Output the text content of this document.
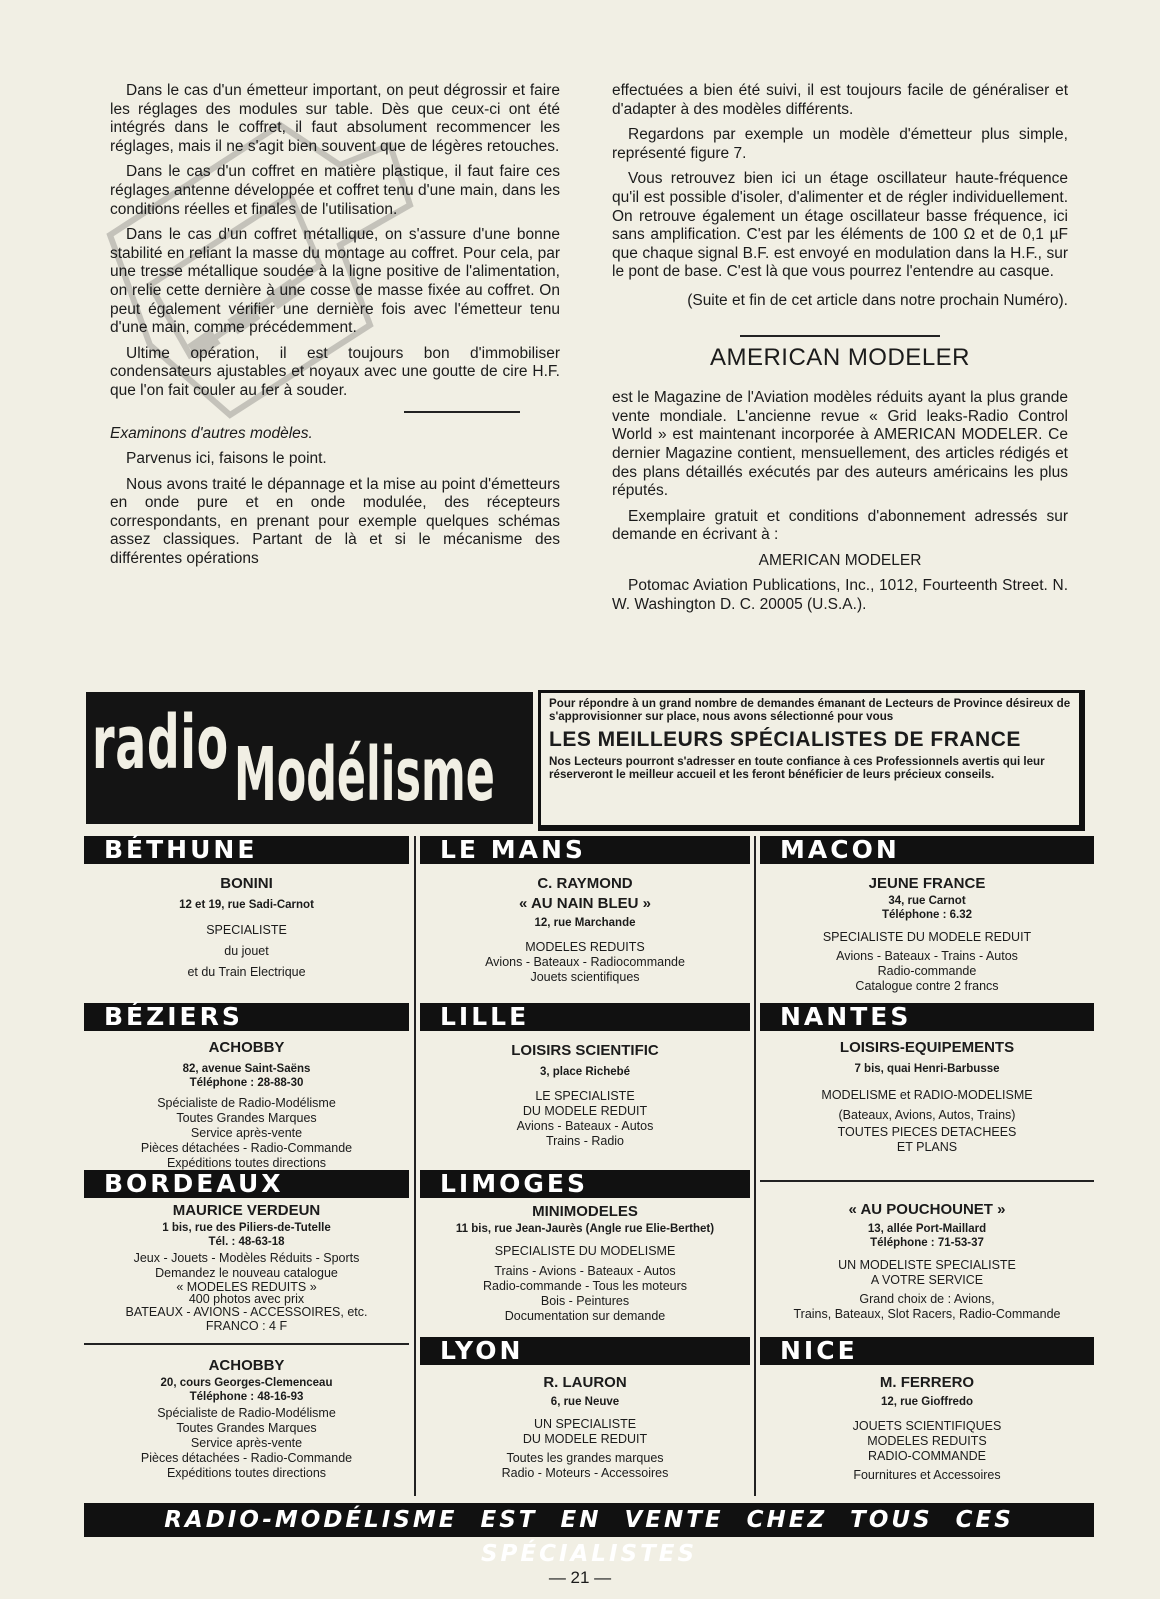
Dans le cas d'un émetteur important, on peut dégrossir et faire les réglages des modules sur table. Dès que ceux-ci ont été intégrés dans le coffret, il faut absolument recommencer les réglages, mais il ne s'agit bien souvent que de légères retouches.

Dans le cas d'un coffret en matière plastique, il faut faire ces réglages antenne développée et coffret tenu d'une main, dans les conditions réelles et finales de l'utilisation.

Dans le cas d'un coffret métallique, on s'assure d'une bonne stabilité en reliant la masse du montage au coffret. Pour cela, par une tresse métallique soudée à la ligne positive de l'alimentation, on relie cette dernière à une cosse de masse fixée au coffret. On peut également vérifier une dernière fois avec l'émetteur tenu d'une main, comme précédemment.

Ultime opération, il est toujours bon d'immobiliser condensateurs ajustables et noyaux avec une goutte de cire H.F. que l'on fait couler au fer à souder.

Examinons d'autres modèles.

Parvenus ici, faisons le point.

Nous avons traité le dépannage et la mise au point d'émetteurs en onde pure et en onde modulée, des récepteurs correspondants, en prenant pour exemple quelques schémas assez classiques. Partant de là et si le mécanisme des différentes opérations

effectuées a bien été suivi, il est toujours facile de généraliser et d'adapter à des modèles différents.

Regardons par exemple un modèle d'émetteur plus simple, représenté figure 7.

Vous retrouvez bien ici un étage oscillateur haute-fréquence qu'il est possible d'isoler, d'alimenter et de régler individuellement. On retrouve également un étage oscillateur basse fréquence, ici sans amplification. C'est par les éléments de 100 Ω et de 0,1 µF que chaque signal B.F. est envoyé en modulation dans la H.F., sur le pont de base. C'est là que vous pourrez l'entendre au casque.

(Suite et fin de cet article dans notre prochain Numéro).

AMERICAN MODELER

est le Magazine de l'Aviation modèles réduits ayant la plus grande vente mondiale. L'ancienne revue « Grid leaks-Radio Control World » est maintenant incorporée à AMERICAN MODELER. Ce dernier Magazine contient, mensuellement, des articles rédigés et des plans détaillés exécutés par des auteurs américains les plus réputés.

Exemplaire gratuit et conditions d'abonnement adressés sur demande en écrivant à :

AMERICAN MODELER

Potomac Aviation Publications, Inc., 1012, Fourteenth Street. N. W. Washington D. C. 20005 (U.S.A.).

radio Modélisme

Pour répondre à un grand nombre de demandes émanant de Lecteurs de Province désireux de s'approvisionner sur place, nous avons sélectionné pour vous

LES MEILLEURS SPÉCIALISTES DE FRANCE

Nos Lecteurs pourront s'adresser en toute confiance à ces Professionnels avertis qui leur réserveront le meilleur accueil et les feront bénéficier de leurs précieux conseils.

BÉTHUNE
BONINI
12 et 19, rue Sadi-Carnot
SPECIALISTE
du jouet
et du Train Electrique
BÉZIERS
ACHOBBY
82, avenue Saint-Saëns
Téléphone : 28-88-30
Spécialiste de Radio-Modélisme
Toutes Grandes Marques
Service après-vente
Pièces détachées - Radio-Commande
Expéditions toutes directions
BORDEAUX
MAURICE VERDEUN
1 bis, rue des Piliers-de-Tutelle
Tél. : 48-63-18
Jeux - Jouets - Modèles Réduits - Sports
Demandez le nouveau catalogue
« MODELES REDUITS »
400 photos avec prix
BATEAUX - AVIONS - ACCESSOIRES, etc.
FRANCO : 4 F
ACHOBBY
20, cours Georges-Clemenceau
Téléphone : 48-16-93
Spécialiste de Radio-Modélisme
Toutes Grandes Marques
Service après-vente
Pièces détachées - Radio-Commande
Expéditions toutes directions
LE MANS
C. RAYMOND
« AU NAIN BLEU »
12, rue Marchande
MODELES REDUITS
Avions - Bateaux - Radiocommande
Jouets scientifiques
LILLE
LOISIRS SCIENTIFIC
3, place Richebé
LE SPECIALISTE
DU MODELE REDUIT
Avions - Bateaux - Autos
Trains - Radio
LIMOGES
MINIMODELES
11 bis, rue Jean-Jaurès (Angle rue Elie-Berthet)
SPECIALISTE DU MODELISME
Trains - Avions - Bateaux - Autos
Radio-commande - Tous les moteurs
Bois - Peintures
Documentation sur demande
LYON
R. LAURON
6, rue Neuve
UN SPECIALISTE
DU MODELE REDUIT
Toutes les grandes marques
Radio - Moteurs - Accessoires
MACON
JEUNE FRANCE
34, rue Carnot
Téléphone : 6.32
SPECIALISTE DU MODELE REDUIT
Avions - Bateaux - Trains - Autos
Radio-commande
Catalogue contre 2 francs
NANTES
LOISIRS-EQUIPEMENTS
7 bis, quai Henri-Barbusse
MODELISME et RADIO-MODELISME
(Bateaux, Avions, Autos, Trains)
TOUTES PIECES DETACHEES
ET PLANS
« AU POUCHOUNET »
13, allée Port-Maillard
Téléphone : 71-53-37
UN MODELISTE SPECIALISTE
A VOTRE SERVICE
Grand choix de : Avions,
Trains, Bateaux, Slot Racers, Radio-Commande
NICE
M. FERRERO
12, rue Gioffredo
JOUETS SCIENTIFIQUES
MODELES REDUITS
RADIO-COMMANDE
Fournitures et Accessoires
RADIO-MODÉLISME EST EN VENTE CHEZ TOUS CES SPÉCIALISTES
— 21 —
